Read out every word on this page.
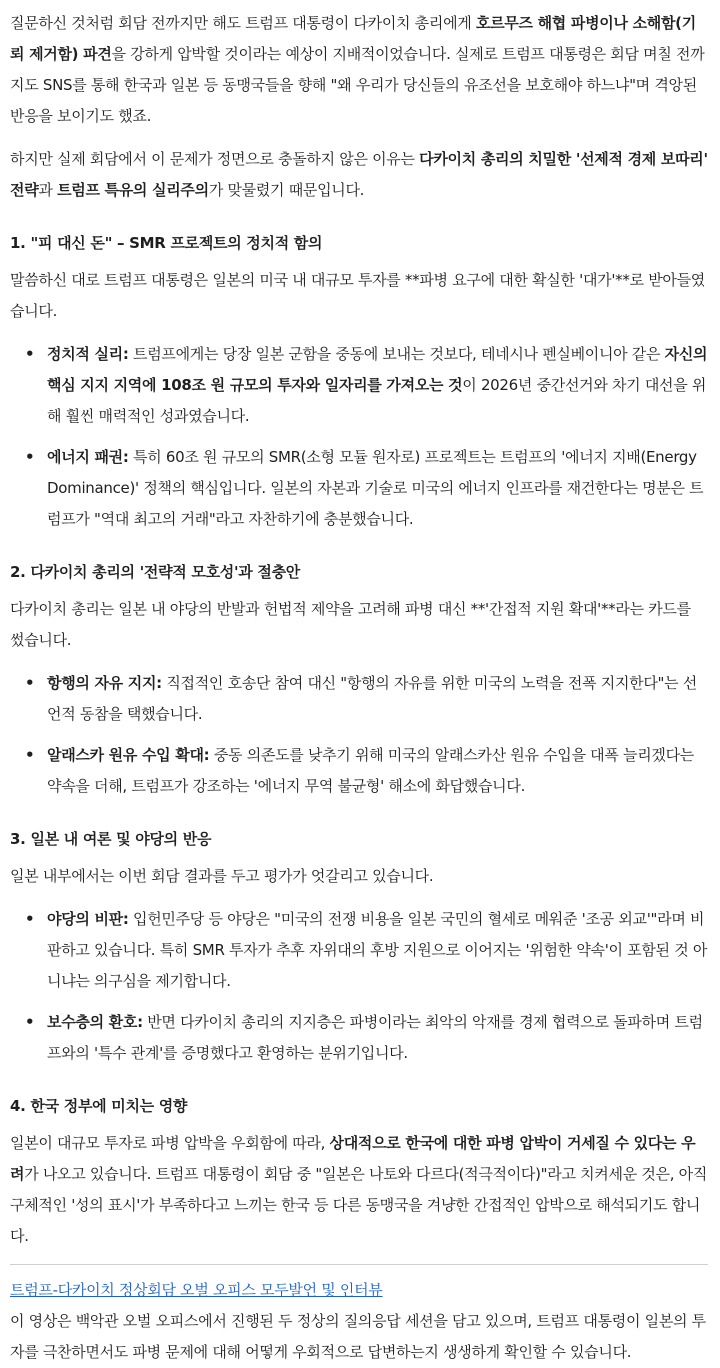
질문하신 것처럼 회담 전까지만 해도 트럼프 대통령이 다카이치 총리에게 호르무즈 해협 파병이나 소해함(기뢰 제거함) 파견을 강하게 압박할 것이라는 예상이 지배적이었습니다. 실제로 트럼프 대통령은 회담 며칠 전까지도 SNS를 통해 한국과 일본 등 동맹국들을 향해 "왜 우리가 당신들의 유조선을 보호해야 하느냐"며 격앙된 반응을 보이기도 했죠.

하지만 실제 회담에서 이 문제가 정면으로 충돌하지 않은 이유는 다카이치 총리의 치밀한 '선제적 경제 보따리' 전략과 트럼프 특유의 실리주의가 맞물렸기 때문입니다.

1. "피 대신 돈" – SMR 프로젝트의 정치적 함의

말씀하신 대로 트럼프 대통령은 일본의 미국 내 대규모 투자를 **파병 요구에 대한 확실한 '대가'**로 받아들였습니다.

• 정치적 실리: 트럼프에게는 당장 일본 군함을 중동에 보내는 것보다, 테네시나 펜실베이니아 같은 자신의 핵심 지지 지역에 108조 원 규모의 투자와 일자리를 가져오는 것이 2026년 중간선거와 차기 대선을 위해 훨씬 매력적인 성과였습니다.
• 에너지 패권: 특히 60조 원 규모의 SMR(소형 모듈 원자로) 프로젝트는 트럼프의 '에너지 지배(Energy Dominance)' 정책의 핵심입니다. 일본의 자본과 기술로 미국의 에너지 인프라를 재건한다는 명분은 트럼프가 "역대 최고의 거래"라고 자찬하기에 충분했습니다.
2. 다카이치 총리의 '전략적 모호성'과 절충안

다카이치 총리는 일본 내 야당의 반발과 헌법적 제약을 고려해 파병 대신 **'간접적 지원 확대'**라는 카드를 썼습니다.

• 항행의 자유 지지: 직접적인 호송단 참여 대신 "항행의 자유를 위한 미국의 노력을 전폭 지지한다"는 선언적 동참을 택했습니다.
• 알래스카 원유 수입 확대: 중동 의존도를 낮추기 위해 미국의 알래스카산 원유 수입을 대폭 늘리겠다는 약속을 더해, 트럼프가 강조하는 '에너지 무역 불균형' 해소에 화답했습니다.
3. 일본 내 여론 및 야당의 반응

일본 내부에서는 이번 회담 결과를 두고 평가가 엇갈리고 있습니다.

• 야당의 비판: 입헌민주당 등 야당은 "미국의 전쟁 비용을 일본 국민의 혈세로 메워준 '조공 외교'"라며 비판하고 있습니다. 특히 SMR 투자가 추후 자위대의 후방 지원으로 이어지는 '위험한 약속'이 포함된 것 아니냐는 의구심을 제기합니다.
• 보수층의 환호: 반면 다카이치 총리의 지지층은 파병이라는 최악의 악재를 경제 협력으로 돌파하며 트럼프와의 '특수 관계'를 증명했다고 환영하는 분위기입니다.
4. 한국 정부에 미치는 영향

일본이 대규모 투자로 파병 압박을 우회함에 따라, 상대적으로 한국에 대한 파병 압박이 거세질 수 있다는 우려가 나오고 있습니다. 트럼프 대통령이 회담 중 "일본은 나토와 다르다(적극적이다)"라고 치켜세운 것은, 아직 구체적인 '성의 표시'가 부족하다고 느끼는 한국 등 다른 동맹국을 겨냥한 간접적인 압박으로 해석되기도 합니다.

트럼프-다카이치 정상회담 오벌 오피스 모두발언 및 인터뷰

이 영상은 백악관 오벌 오피스에서 진행된 두 정상의 질의응답 세션을 담고 있으며, 트럼프 대통령이 일본의 투자를 극찬하면서도 파병 문제에 대해 어떻게 우회적으로 답변하는지 생생하게 확인할 수 있습니다.
